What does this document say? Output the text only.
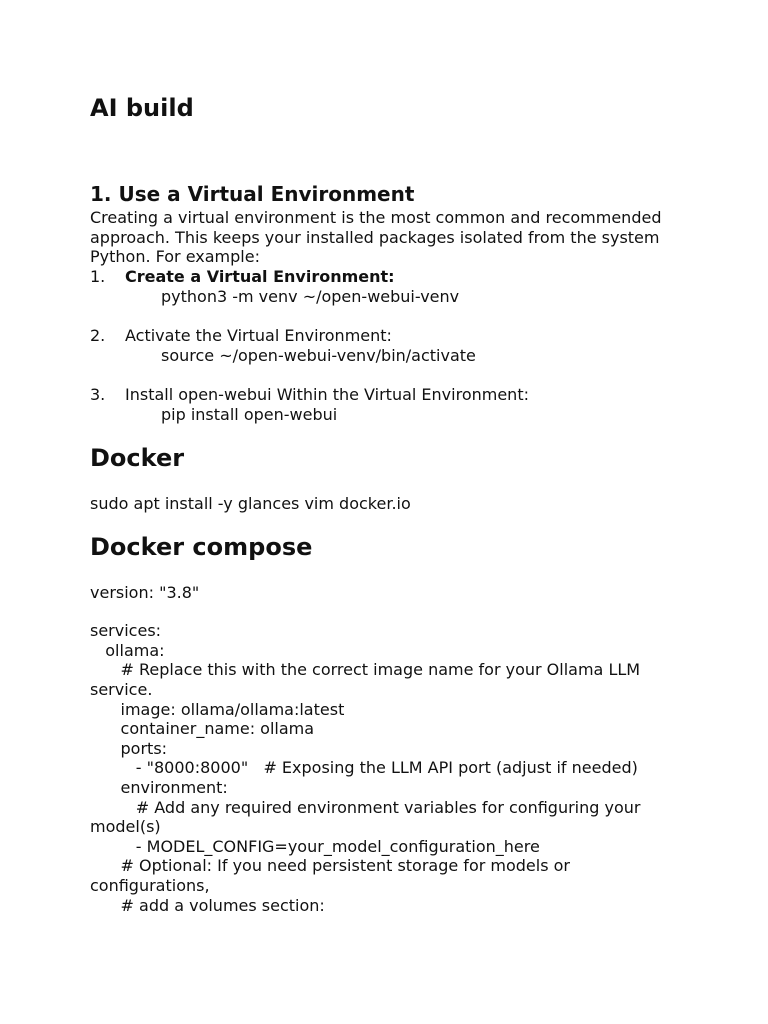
AI build
1. Use a Virtual Environment
Creating a virtual environment is the most common and recommended
approach. This keeps your installed packages isolated from the system
Python. For example:
1. Create a Virtual Environment:
python3 -m venv ~/open-webui-venv
2. Activate the Virtual Environment:
source ~/open-webui-venv/bin/activate
3. Install open-webui Within the Virtual Environment:
pip install open-webui
Docker
sudo apt install -y glances vim docker.io
Docker compose
version: "3.8"
services:
ollama:
# Replace this with the correct image name for your Ollama LLM
service.
image: ollama/ollama:latest
container_name: ollama
ports:
- "8000:8000"   # Exposing the LLM API port (adjust if needed)
environment:
# Add any required environment variables for configuring your
model(s)
- MODEL_CONFIG=your_model_configuration_here
# Optional: If you need persistent storage for models or
configurations,
# add a volumes section:
